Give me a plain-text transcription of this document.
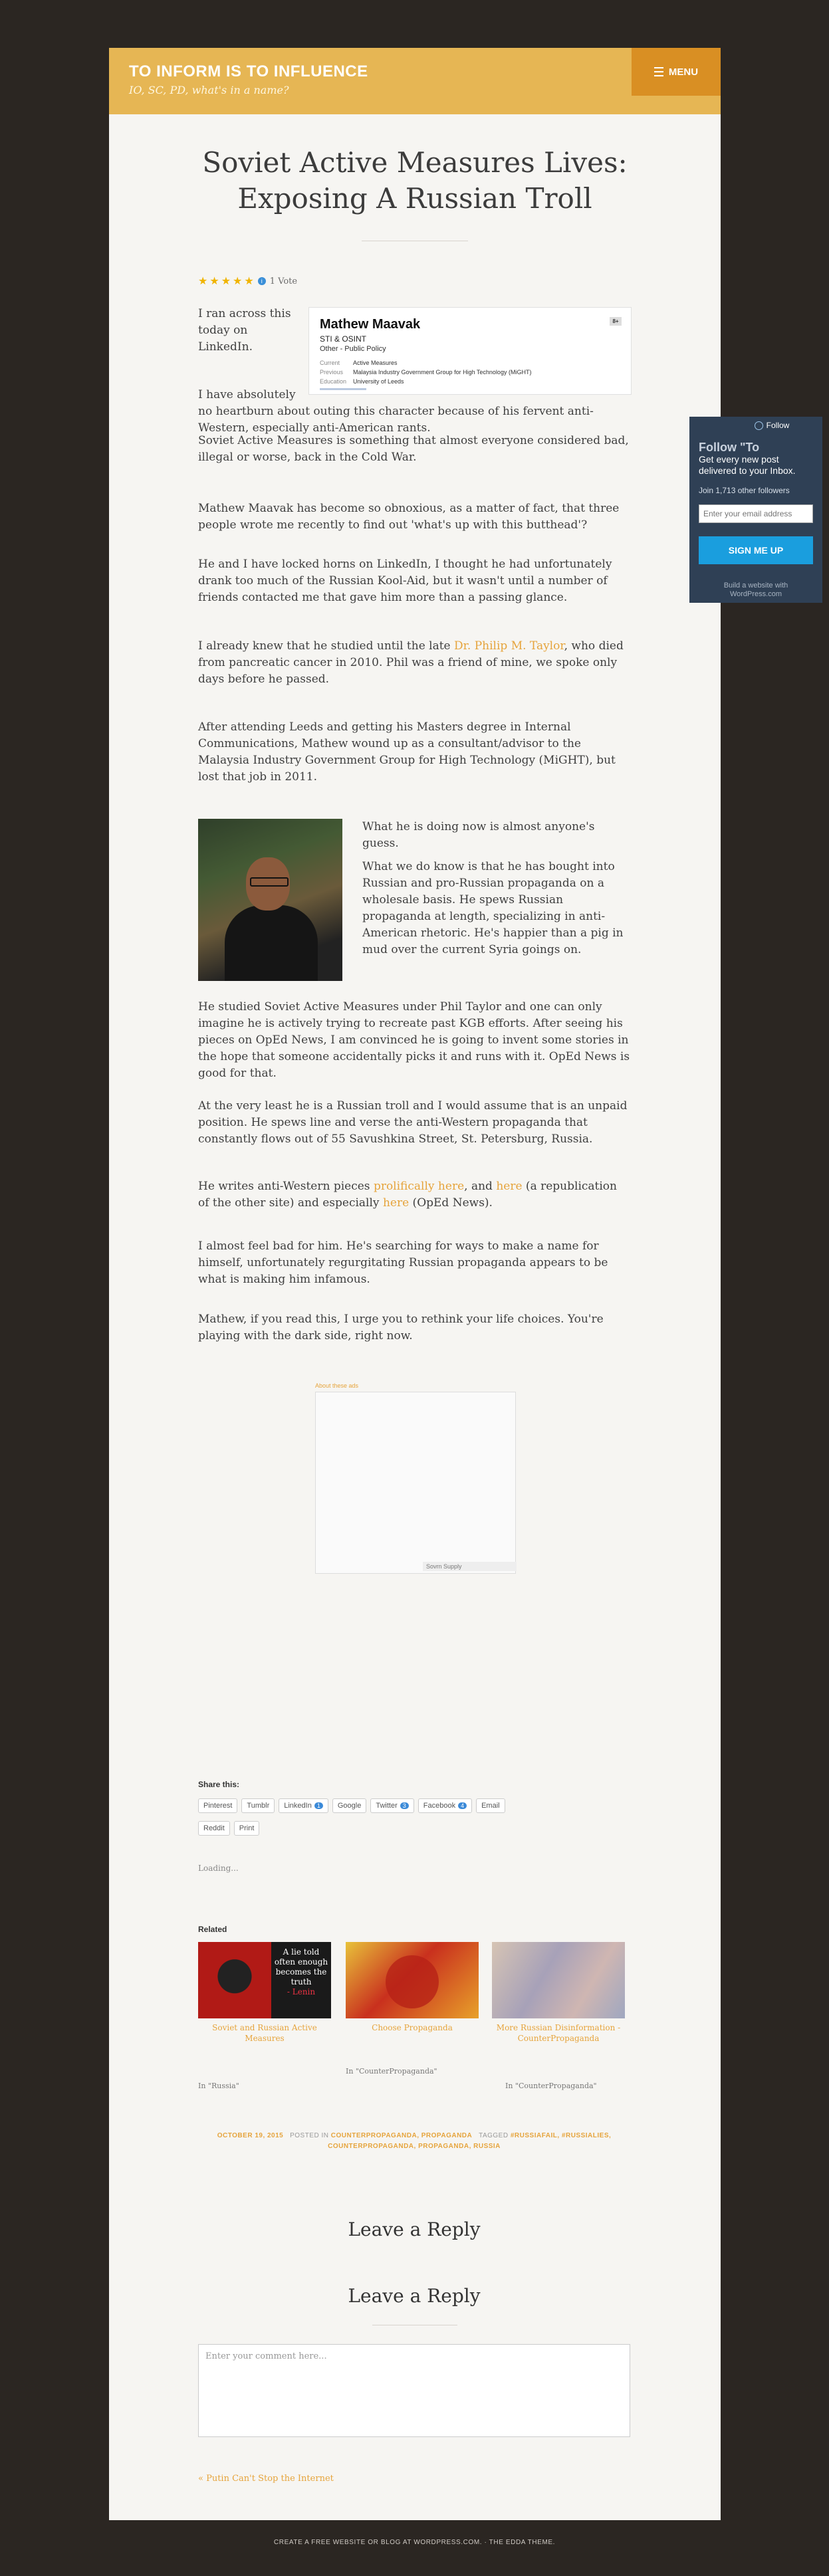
TO INFORM IS TO INFLUENCE

IO, SC, PD, what's in a name?

MENU
Soviet Active Measures Lives: Exposing A Russian Troll
★ ★ ★ ★ ★	i 1 Vote

I ran across this today on LinkedIn.

Mathew Maavak	8+
STI & OSINT
Other - Public Policy
Current Active Measures
Previous Malaysia Industry Government Group for High Technology (MiGHT)
Education University of Leeds

I have absolutely

no heartburn about outing this character because of his fervent anti-Western, especially anti-American rants.

Soviet Active Measures is something that almost everyone considered bad, illegal or worse, back in the Cold War.

Mathew Maavak has become so obnoxious, as a matter of fact, that three people wrote me recently to find out 'what's up with this butthead'?

He and I have locked horns on LinkedIn, I thought he had unfortunately drank too much of the Russian Kool-Aid, but it wasn't until a number of friends contacted me that gave him more than a passing glance.

I already knew that he studied until the late Dr. Philip M. Taylor, who died from pancreatic cancer in 2010. Phil was a friend of mine, we spoke only days before he passed.

After attending Leeds and getting his Masters degree in Internal Communications, Mathew wound up as a consultant/advisor to the Malaysia Industry Government Group for High Technology (MiGHT), but lost that job in 2011.

What he is doing now is almost anyone's guess.

What we do know is that he has bought into Russian and pro-Russian propaganda on a wholesale basis. He spews Russian propaganda at length, specializing in anti-American rhetoric. He's happier than a pig in mud over the current Syria goings on.

He studied Soviet Active Measures under Phil Taylor and one can only imagine he is actively trying to recreate past KGB efforts. After seeing his pieces on OpEd News, I am convinced he is going to invent some stories in the hope that someone accidentally picks it and runs with it. OpEd News is good for that.

At the very least he is a Russian troll and I would assume that is an unpaid position. He spews line and verse the anti-Western propaganda that constantly flows out of 55 Savushkina Street, St. Petersburg, Russia.

He writes anti-Western pieces prolifically here, and here (a republication of the other site) and especially here (OpEd News).

I almost feel bad for him. He's searching for ways to make a name for himself, unfortunately regurgitating Russian propaganda appears to be what is making him infamous.

Mathew, if you read this, I urge you to rethink your life choices. You're playing with the dark side, right now.

About these ads
Sovrn Supply
Follow "To
Get every new post delivered to your Inbox.
Join 1,713 other followers
Enter your email address
SIGN ME UP
Build a website with WordPress.com
Follow
Share this:
Pinterest Tumblr LinkedIn 1	Google Twitter 3	Facebook 4	Email
Reddit Print
Loading...
Related
A lie told often enough becomes the truth
- Lenin
Soviet and Russian Active Measures
Choose Propaganda	More Russian Disinformation - CounterPropaganda
In "Russia"
In "CounterPropaganda"
In "CounterPropaganda"
OCTOBER 19, 2015 POSTED IN COUNTERPROPAGANDA, PROPAGANDA TAGGED #RUSSIAFAIL, #RUSSIALIES, COUNTERPROPAGANDA, PROPAGANDA, RUSSIA
Leave a Reply
Leave a Reply
Enter your comment here...
« Putin Can't Stop the Internet
CREATE A FREE WEBSITE OR BLOG AT WORDPRESS.COM. · THE EDDA THEME.
